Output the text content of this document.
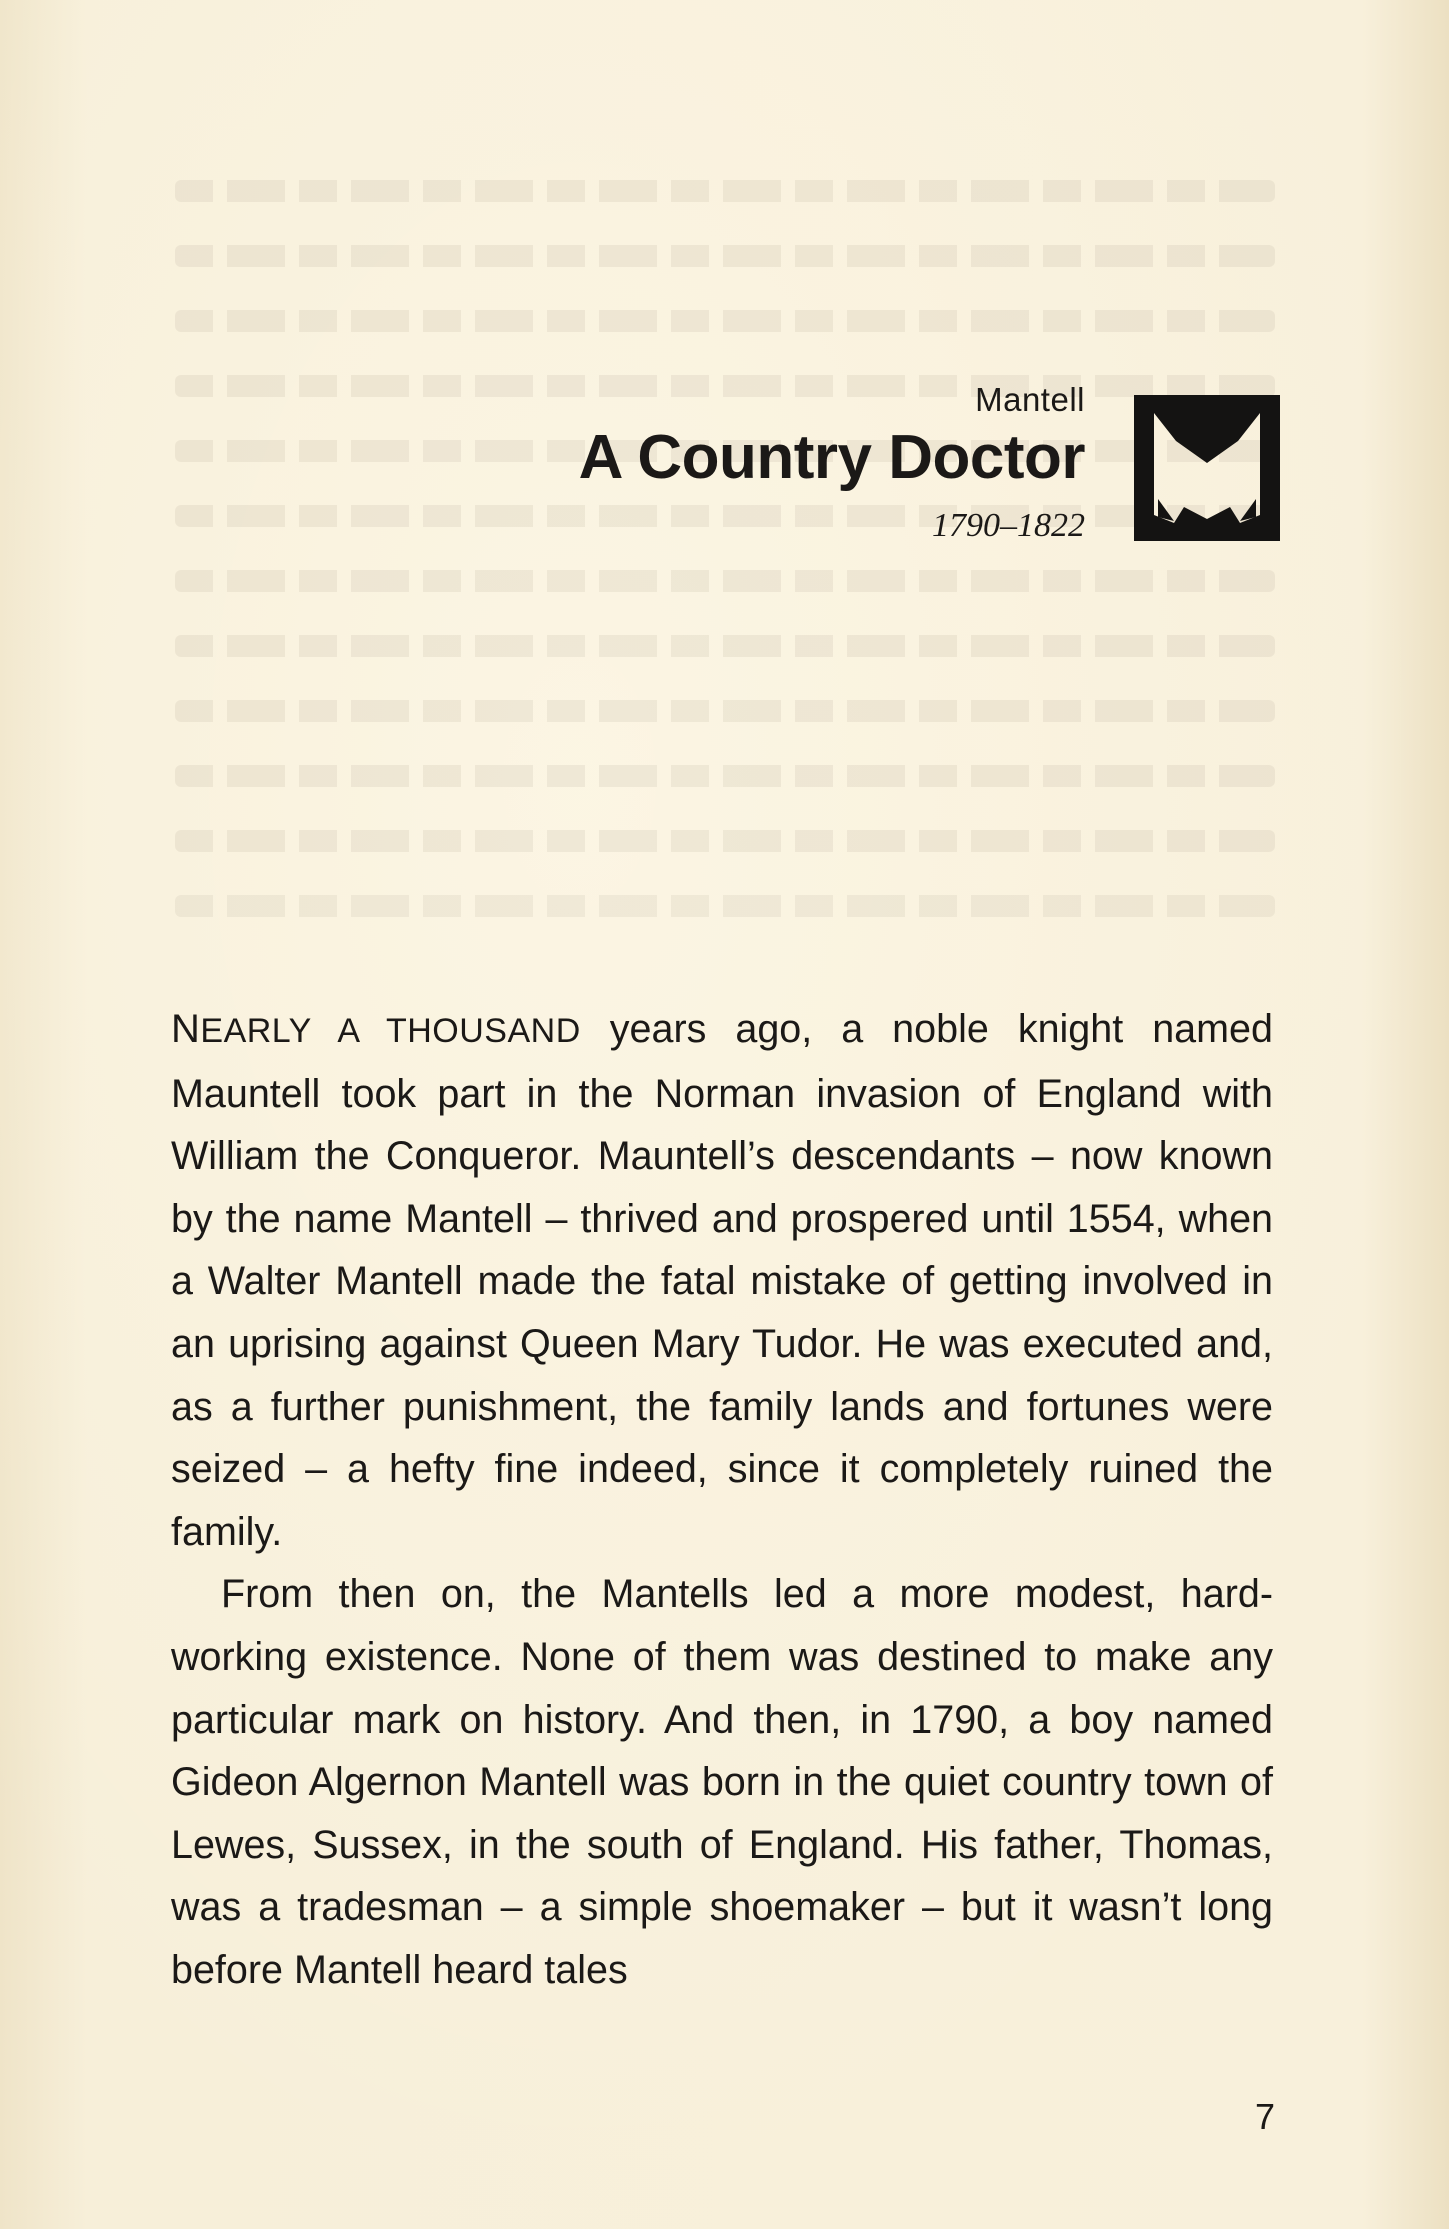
Mantell
A Country Doctor
1790–1822

NEARLY A THOUSAND years ago, a noble knight named Mauntell took part in the Norman invasion of England with William the Conqueror. Mauntell’s descendants – now known by the name Mantell – thrived and prospered until 1554, when a Walter Mantell made the fatal mistake of getting involved in an uprising against Queen Mary Tudor. He was executed and, as a further punishment, the family lands and fortunes were seized – a hefty fine indeed, since it completely ruined the family.

From then on, the Mantells led a more modest, hard-working existence. None of them was destined to make any particular mark on history. And then, in 1790, a boy named Gideon Algernon Mantell was born in the quiet country town of Lewes, Sussex, in the south of England. His father, Thomas, was a tradesman – a simple shoemaker – but it wasn’t long before Mantell heard tales

7
